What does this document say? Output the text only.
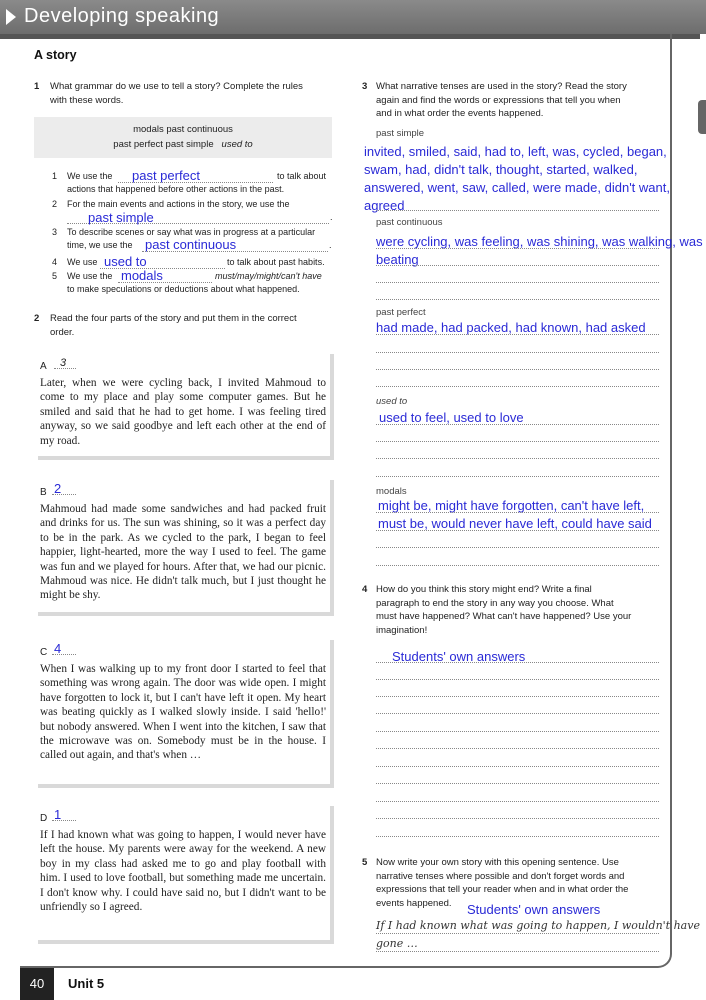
Developing speaking
A story
1 What grammar do we use to tell a story? Complete the rules

with these words.
modals past continuous
past perfect past simple used to
1 We use the past perfect	to talk about
actions that happened before other actions in the past.
2 For the main events and actions in the story, we use the
past simple	.
3 To describe scenes or say what was in progress at a particular
time, we use the past continuous	.
4 We use used to	to talk about past habits.
5 We use the modals	must/may/might/can't have
to make speculations or deductions about what happened.
2 Read the four parts of the story and put them in the correct
order.
A 3
Later, when we were cycling back, I invited Mahmoud to come to my place and play some computer games. But he smiled and said that he had to get home. I was feeling tired anyway, so we said goodbye and left each other at the end of my road.
B 2
Mahmoud had made some sandwiches and had packed fruit and drinks for us. The sun was shining, so it was a perfect day to be in the park. As we cycled to the park, I began to feel happier, light-hearted, more the way I used to feel. The game was fun and we played for hours. After that, we had our picnic. Mahmoud was nice. He didn't talk much, but I just thought he might be shy.
C 4
When I was walking up to my front door I started to feel that something was wrong again. The door was wide open. I might have forgotten to lock it, but I can't have left it open. My heart was beating quickly as I walked slowly inside. I said 'hello!' but nobody answered. When I went into the kitchen, I saw that the microwave was on. Somebody must be in the house. I called out again, and that's when …
D 1
If I had known what was going to happen, I would never have left the house. My parents were away for the weekend. A new boy in my class had asked me to go and play football with him. I used to love football, but something made me uncertain. I don't know why. I could have said no, but I didn't want to be unfriendly so I agreed.
3 What narrative tenses are used in the story? Read the story
again and find the words or expressions that tell you when
and in what order the events happened.
past simple
invited, smiled, said, had to, left, was, cycled, began,
swam, had, didn't talk, thought, started, walked,
answered, went, saw, called, were made, didn't want,
agreed
past continuous
were cycling, was feeling, was shining, was walking, was
beating
past perfect
had made, had packed, had known, had asked
used to
used to feel, used to love
modals
might be, might have forgotten, can't have left,
must be, would never have left, could have said
4 How do you think this story might end? Write a final
paragraph to end the story in any way you choose. What
must have happened? What can't have happened? Use your
imagination!
Students' own answers
5 Now write your own story with this opening sentence. Use
narrative tenses where possible and don't forget words and
expressions that tell your reader when and in what order the
events happened. Students' own answers
If I had known what was going to happen, I wouldn't have
gone …
40	Unit 5
